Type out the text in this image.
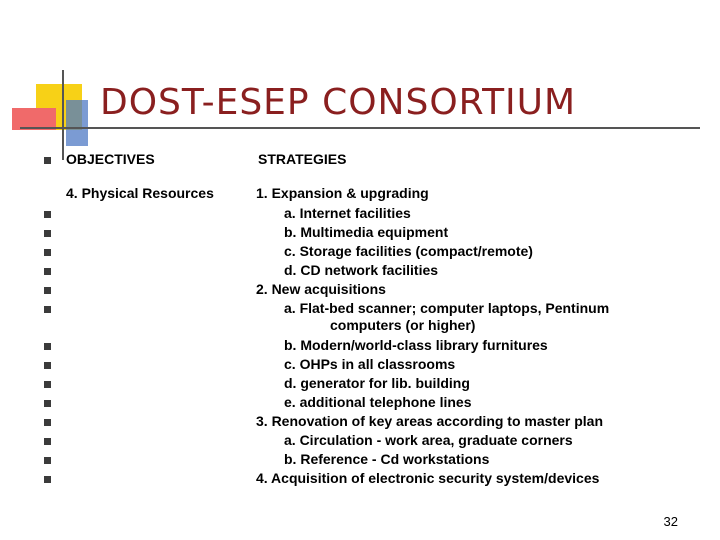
DOST-ESEP CONSORTIUM
OBJECTIVES	STRATEGIES
4. Physical Resources	1. Expansion & upgrading
a. Internet facilities
b. Multimedia equipment
c. Storage facilities (compact/remote)
d. CD network facilities
2. New acquisitions
a. Flat-bed scanner; computer laptops, Pentinum
computers (or higher)
b. Modern/world-class library furnitures
c. OHPs in all classrooms
d. generator for lib. building
e. additional telephone lines
3. Renovation of key areas according to master plan
a. Circulation - work area, graduate corners
b. Reference - Cd workstations
4. Acquisition of electronic security system/devices
32
